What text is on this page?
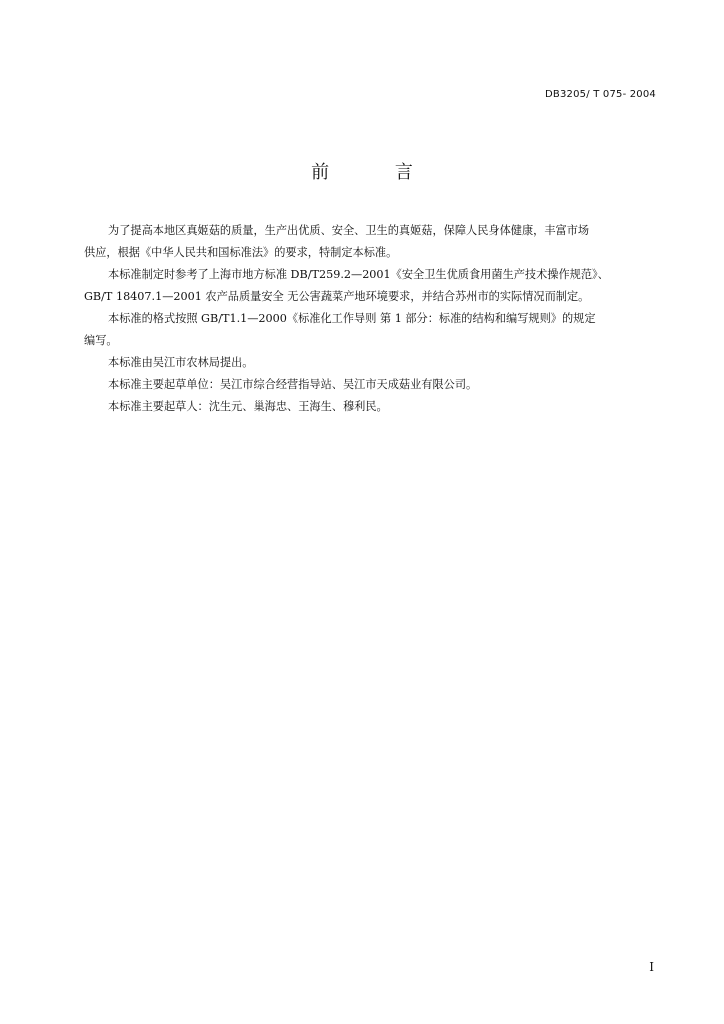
DB3205/ T 075- 2004
前 言
为了提高本地区真姬菇的质量，生产出优质、安全、卫生的真姬菇，保障人民身体健康，丰富市场
供应，根据《中华人民共和国标准法》的要求，特制定本标准。
本标准制定时参考了上海市地方标准 DB/T259.2—2001《安全卫生优质食用菌生产技术操作规范》、
GB/T 18407.1—2001 农产品质量安全 无公害蔬菜产地环境要求，并结合苏州市的实际情况而制定。
本标准的格式按照 GB/T1.1—2000《标准化工作导则 第 1 部分：标准的结构和编写规则》的规定
编写。
本标准由吴江市农林局提出。
本标准主要起草单位：吴江市综合经营指导站、吴江市天成菇业有限公司。
本标准主要起草人：沈生元、巢海忠、王海生、穆利民。
I
